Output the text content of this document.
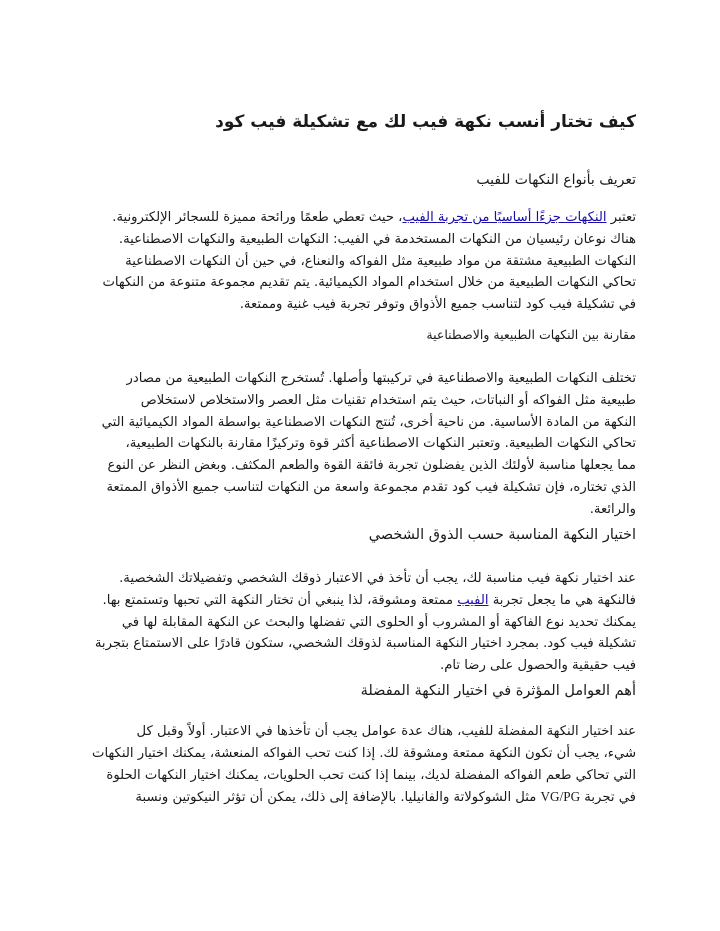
كيف تختار أنسب نكهة فيب لك مع تشكيلة فيب كود
تعريف بأنواع النكهات للفيب
تعتبر النكهات جزءًا أساسيًا من تجربة الفيب، حيث تعطي طعمًا ورائحة مميزة للسجائر الإلكترونية.
هناك نوعان رئيسيان من النكهات المستخدمة في الفيب: النكهات الطبيعية والنكهات الاصطناعية.
النكهات الطبيعية مشتقة من مواد طبيعية مثل الفواكه والنعناع، في حين أن النكهات الاصطناعية
تحاكي النكهات الطبيعية من خلال استخدام المواد الكيميائية. يتم تقديم مجموعة متنوعة من النكهات
في تشكيلة فيب كود لتناسب جميع الأذواق وتوفر تجربة فيب غنية وممتعة.
مقارنة بين النكهات الطبيعية والاصطناعية
تختلف النكهات الطبيعية والاصطناعية في تركيبتها وأصلها. تُستخرج النكهات الطبيعية من مصادر
طبيعية مثل الفواكه أو النباتات، حيث يتم استخدام تقنيات مثل العصر والاستخلاص لاستخلاص
النكهة من المادة الأساسية. من ناحية أخرى، تُنتج النكهات الاصطناعية بواسطة المواد الكيميائية التي
تحاكي النكهات الطبيعية. وتعتبر النكهات الاصطناعية أكثر قوة وتركيزًا مقارنة بالنكهات الطبيعية،
مما يجعلها مناسبة لأولئك الذين يفضلون تجربة فائقة القوة والطعم المكثف. وبغض النظر عن النوع
الذي تختاره، فإن تشكيلة فيب كود تقدم مجموعة واسعة من النكهات لتناسب جميع الأذواق الممتعة
والرائعة.
اختيار النكهة المناسبة حسب الذوق الشخصي
عند اختيار نكهة فيب مناسبة لك، يجب أن تأخذ في الاعتبار ذوقك الشخصي وتفضيلاتك الشخصية.
فالنكهة هي ما يجعل تجربة الفيب ممتعة ومشوقة، لذا ينبغي أن تختار النكهة التي تحبها وتستمتع بها.
يمكنك تحديد نوع الفاكهة أو المشروب أو الحلوى التي تفضلها والبحث عن النكهة المقابلة لها في
تشكيلة فيب كود. بمجرد اختيار النكهة المناسبة لذوقك الشخصي، ستكون قادرًا على الاستمتاع بتجربة
فيب حقيقية والحصول على رضا تام.
أهم العوامل المؤثرة في اختيار النكهة المفضلة
عند اختيار النكهة المفضلة للفيب، هناك عدة عوامل يجب أن تأخذها في الاعتبار. أولاً وقبل كل
شيء، يجب أن تكون النكهة ممتعة ومشوقة لك. إذا كنت تحب الفواكه المنعشة، يمكنك اختيار النكهات
التي تحاكي طعم الفواكه المفضلة لديك، بينما إذا كنت تحب الحلويات، يمكنك اختيار النكهات الحلوة
في تجربة VG/PG مثل الشوكولاتة والفانيليا. بالإضافة إلى ذلك، يمكن أن تؤثر النيكوتين ونسبة
